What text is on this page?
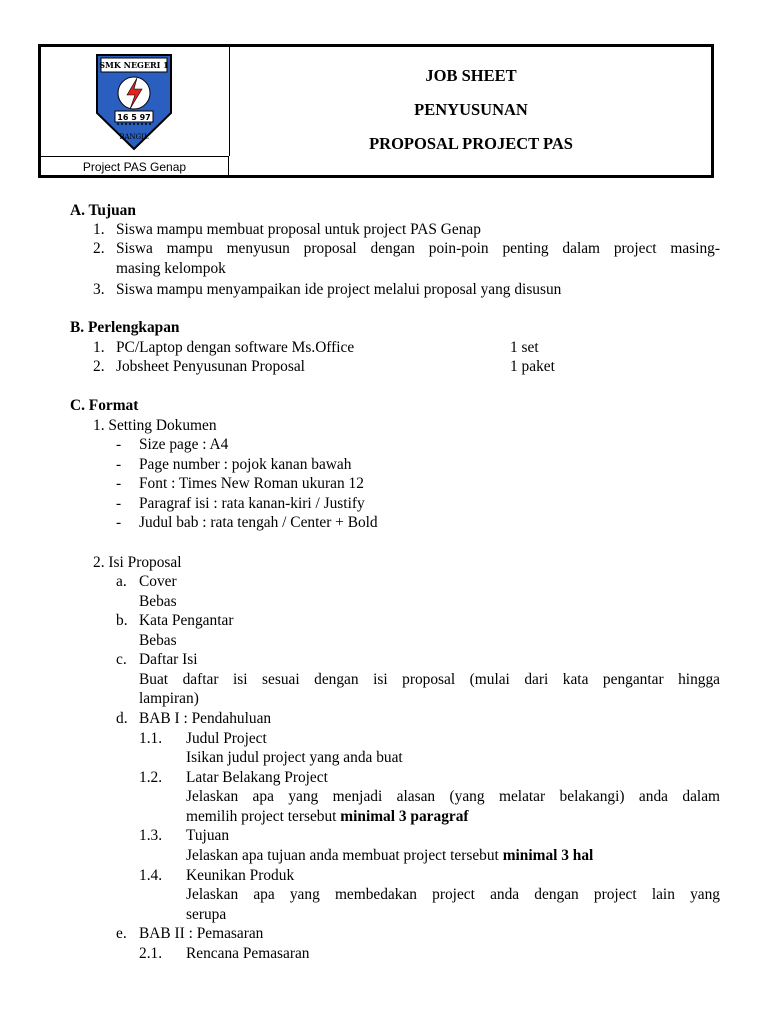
SMK NEGERI 1
16 5 97
BANGIL
Project PAS Genap
JOB SHEET
PENYUSUNAN
PROPOSAL PROJECT PAS
A. Tujuan
1. Siswa mampu membuat proposal untuk project PAS Genap
2. Siswa mampu menyusun proposal dengan poin-poin penting dalam project masing-
masing kelompok
3. Siswa mampu menyampaikan ide project melalui proposal yang disusun
B. Perlengkapan
1. PC/Laptop dengan software Ms.Office	1 set
2. Jobsheet Penyusunan Proposal	1 paket
C. Format
1. Setting Dokumen
- Size page : A4
- Page number : pojok kanan bawah
- Font : Times New Roman ukuran 12
- Paragraf isi : rata kanan-kiri / Justify
- Judul bab : rata tengah / Center + Bold
2. Isi Proposal
a. Cover
Bebas
b. Kata Pengantar
Bebas
c. Daftar Isi
Buat daftar isi sesuai dengan isi proposal (mulai dari kata pengantar hingga
lampiran)
d. BAB I : Pendahuluan
1.1. Judul Project
Isikan judul project yang anda buat
1.2. Latar Belakang Project
Jelaskan apa yang menjadi alasan (yang melatar belakangi) anda dalam
memilih project tersebut minimal 3 paragraf
1.3. Tujuan
Jelaskan apa tujuan anda membuat project tersebut minimal 3 hal
1.4. Keunikan Produk
Jelaskan apa yang membedakan project anda dengan project lain yang
serupa
e. BAB II : Pemasaran
2.1. Rencana Pemasaran
